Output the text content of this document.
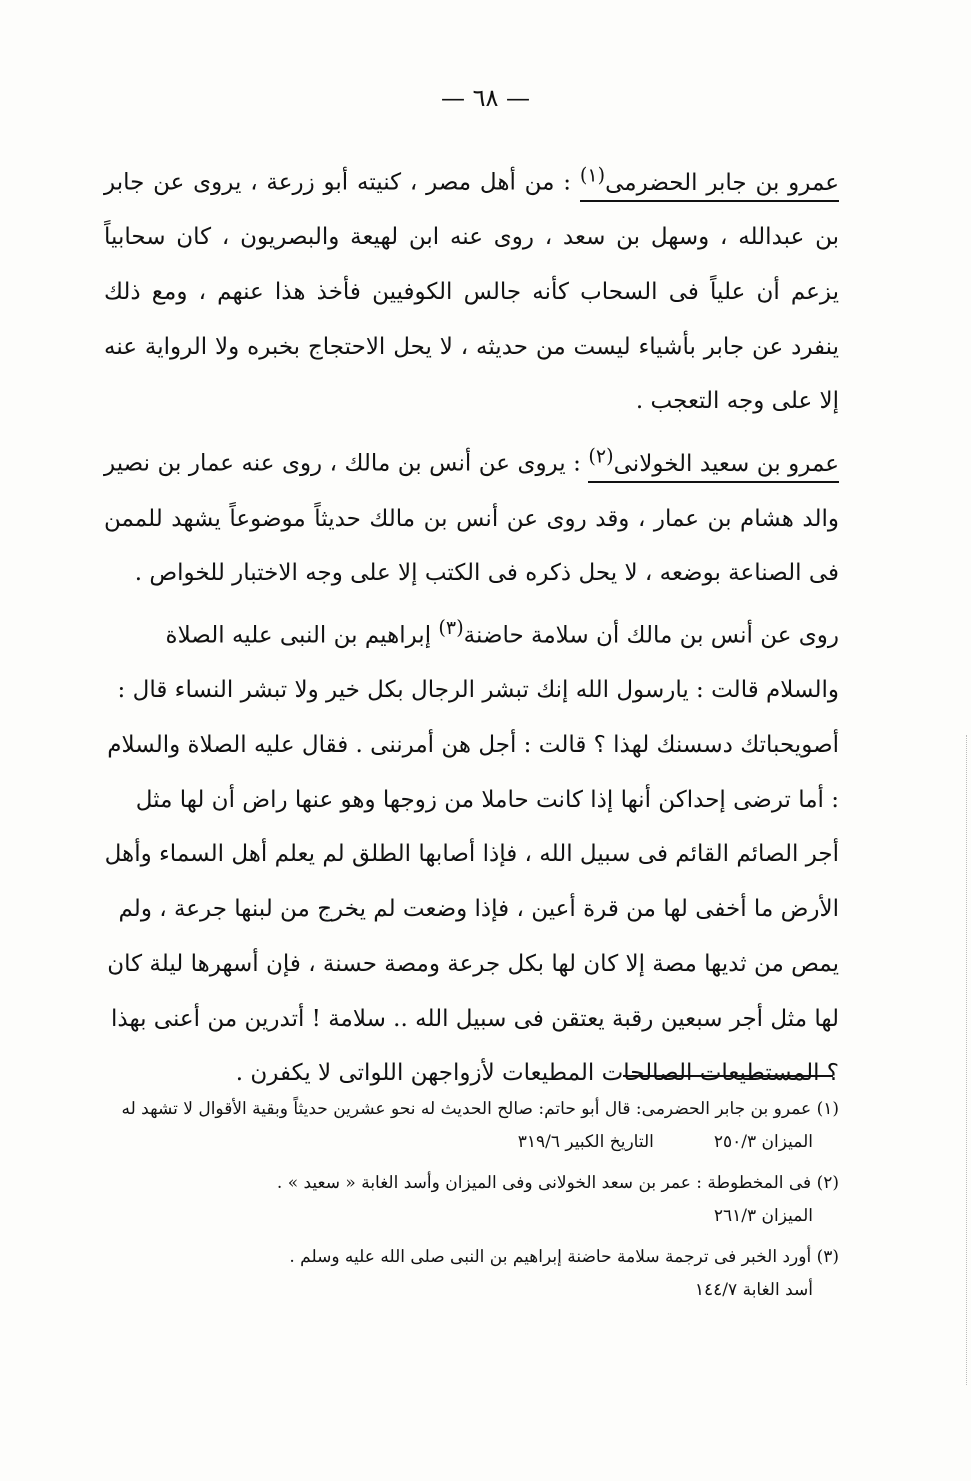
— ٦٨ —

عمرو بن جابر الحضرمى$^{(١)}$ : من أهل مصر ، كنيته أبو زرعة ، يروى عن جابر بن عبدالله ، وسهل بن سعد ، روى عنه ابن لهيعة والبصريون ، كان سحابياً يزعم أن علياً فى السحاب كأنه جالس الكوفيين فأخذ هذا عنهم ، ومع ذلك ينفرد عن جابر بأشياء ليست من حديثه ، لا يحل الاحتجاج بخبره ولا الرواية عنه إلا على وجه التعجب .

عمرو بن سعيد الخولانى$^{(٢)}$ : يروى عن أنس بن مالك ، روى عنه عمار بن نصير والد هشام بن عمار ، وقد روى عن أنس بن مالك حديثاً موضوعاً يشهد للممن فى الصناعة بوضعه ، لا يحل ذكره فى الكتب إلا على وجه الاختبار للخواص .

روى عن أنس بن مالك أن سلامة حاضنة$^{(٣)}$ إبراهيم بن النبى عليه الصلاة والسلام قالت : يارسول الله إنك تبشر الرجال بكل خير ولا تبشر النساء قال : أصويحباتك دسسنك لهذا ؟ قالت : أجل هن أمرننى . فقال عليه الصلاة والسلام : أما ترضى إحداكن أنها إذا كانت حاملا من زوجها وهو عنها راض أن لها مثل أجر الصائم القائم فى سبيل الله ، فإذا أصابها الطلق لم يعلم أهل السماء وأهل الأرض ما أخفى لها من قرة أعين ، فإذا وضعت لم يخرج من لبنها جرعة ، ولم يمص من ثديها مصة إلا كان لها بكل جرعة ومصة حسنة ، فإن أسهرها ليلة كان لها مثل أجر سبعين رقبة يعتقن فى سبيل الله .. سلامة ! أتدرين من أعنى بهذا ؟ المستطيعات الصالحات المطيعات لأزواجهن اللواتى لا يكفرن .

(١) عمرو بن جابر الحضرمى: قال أبو حاتم: صالح الحديث له نحو عشرين حديثاً وبقية الأقوال لا تشهد له
الميزان ٢٥٠/٣التاريخ الكبير ٣١٩/٦
(٢) فى المخطوطة : عمر بن سعد الخولانى وفى الميزان وأسد الغابة « سعيد » .
الميزان ٢٦١/٣
(٣) أورد الخبر فى ترجمة سلامة حاضنة إبراهيم بن النبى صلى الله عليه وسلم .
أسد الغابة ١٤٤/٧
